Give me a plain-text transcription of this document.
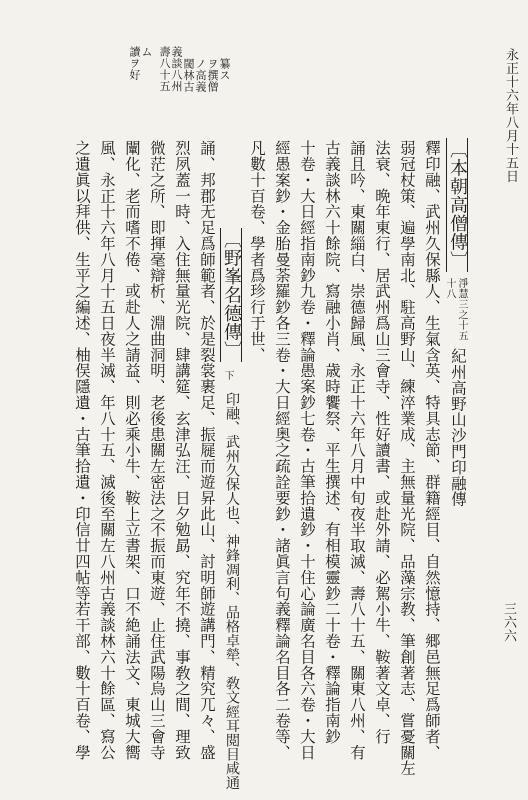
永正十六年八月十五日
三六六
讀ヲ好 ム 壽八十五 義談八州 閾林古 ノ高義 ヲ撰僧 纂ス
〔本朝高僧傳〕
十八 淨慧三之十五
紀州高野山沙門印融傳
釋印融、武州久保縣人、生氣含英、特具志節、群籍經目、自然憶持、郷邑無足爲師者、
弱冠杖策、遍學南北、駐高野山、練淬業成、主無量光院、品藻宗教、筆創著志、嘗憂關左
法衰、晩年東行、居武州爲山三會寺、性好讀書、或赴外請、必駕小牛、鞍著文卓、行
誦且吟、東關緇白、崇德歸風、永正十六年八月中旬夜半取滅、壽八十五、關東八州、有
古義談林六十餘院、寫融小肖、歳時饗祭、平生撰述、有相模靈鈔二十卷・釋論指南鈔
十卷・大日經指南鈔九卷・釋論愚案鈔七卷・古筆拾遺鈔・十住心論廣名目各六卷・大日
經愚案鈔・金胎曼荼羅鈔各三卷・大日經奥之疏詮要鈔・諸眞言句義釋論名目各二卷等、
凡數十百卷、學者爲珍行于世、
〔野峯名德傳〕
下
印融、武州久保人也、神鋒凋利、品格卓犖、敎文經耳閲目咸通
誦、邦郡无足爲師範者、於是裂裳裹足、振屣而遊昇此山、討明師遊講門、精究兀々、盛
烈夙蓋一時、入住無量光院、肆講筵、玄津弘汪、日夕勉勗、究年不撓、事敎之間、理致
微茫之所、即揮毫辯析、淵曲洞明、老後患關左密法之不振而東遊、止住武陽烏山三會寺
闡化、老而嗜不倦、或赴人之請益、則必乘小牛、鞍上立書架、口不絶誦法文、東城大嚮
風、永正十六年八月十五日夜半滅、年八十五、滅後至關左八州古義談林六十餘區、寫公
之遺眞以拜供、生平之編述、柚俣隱遺・古筆拾遺・印信廿四帖等若干部、數十百卷、學
